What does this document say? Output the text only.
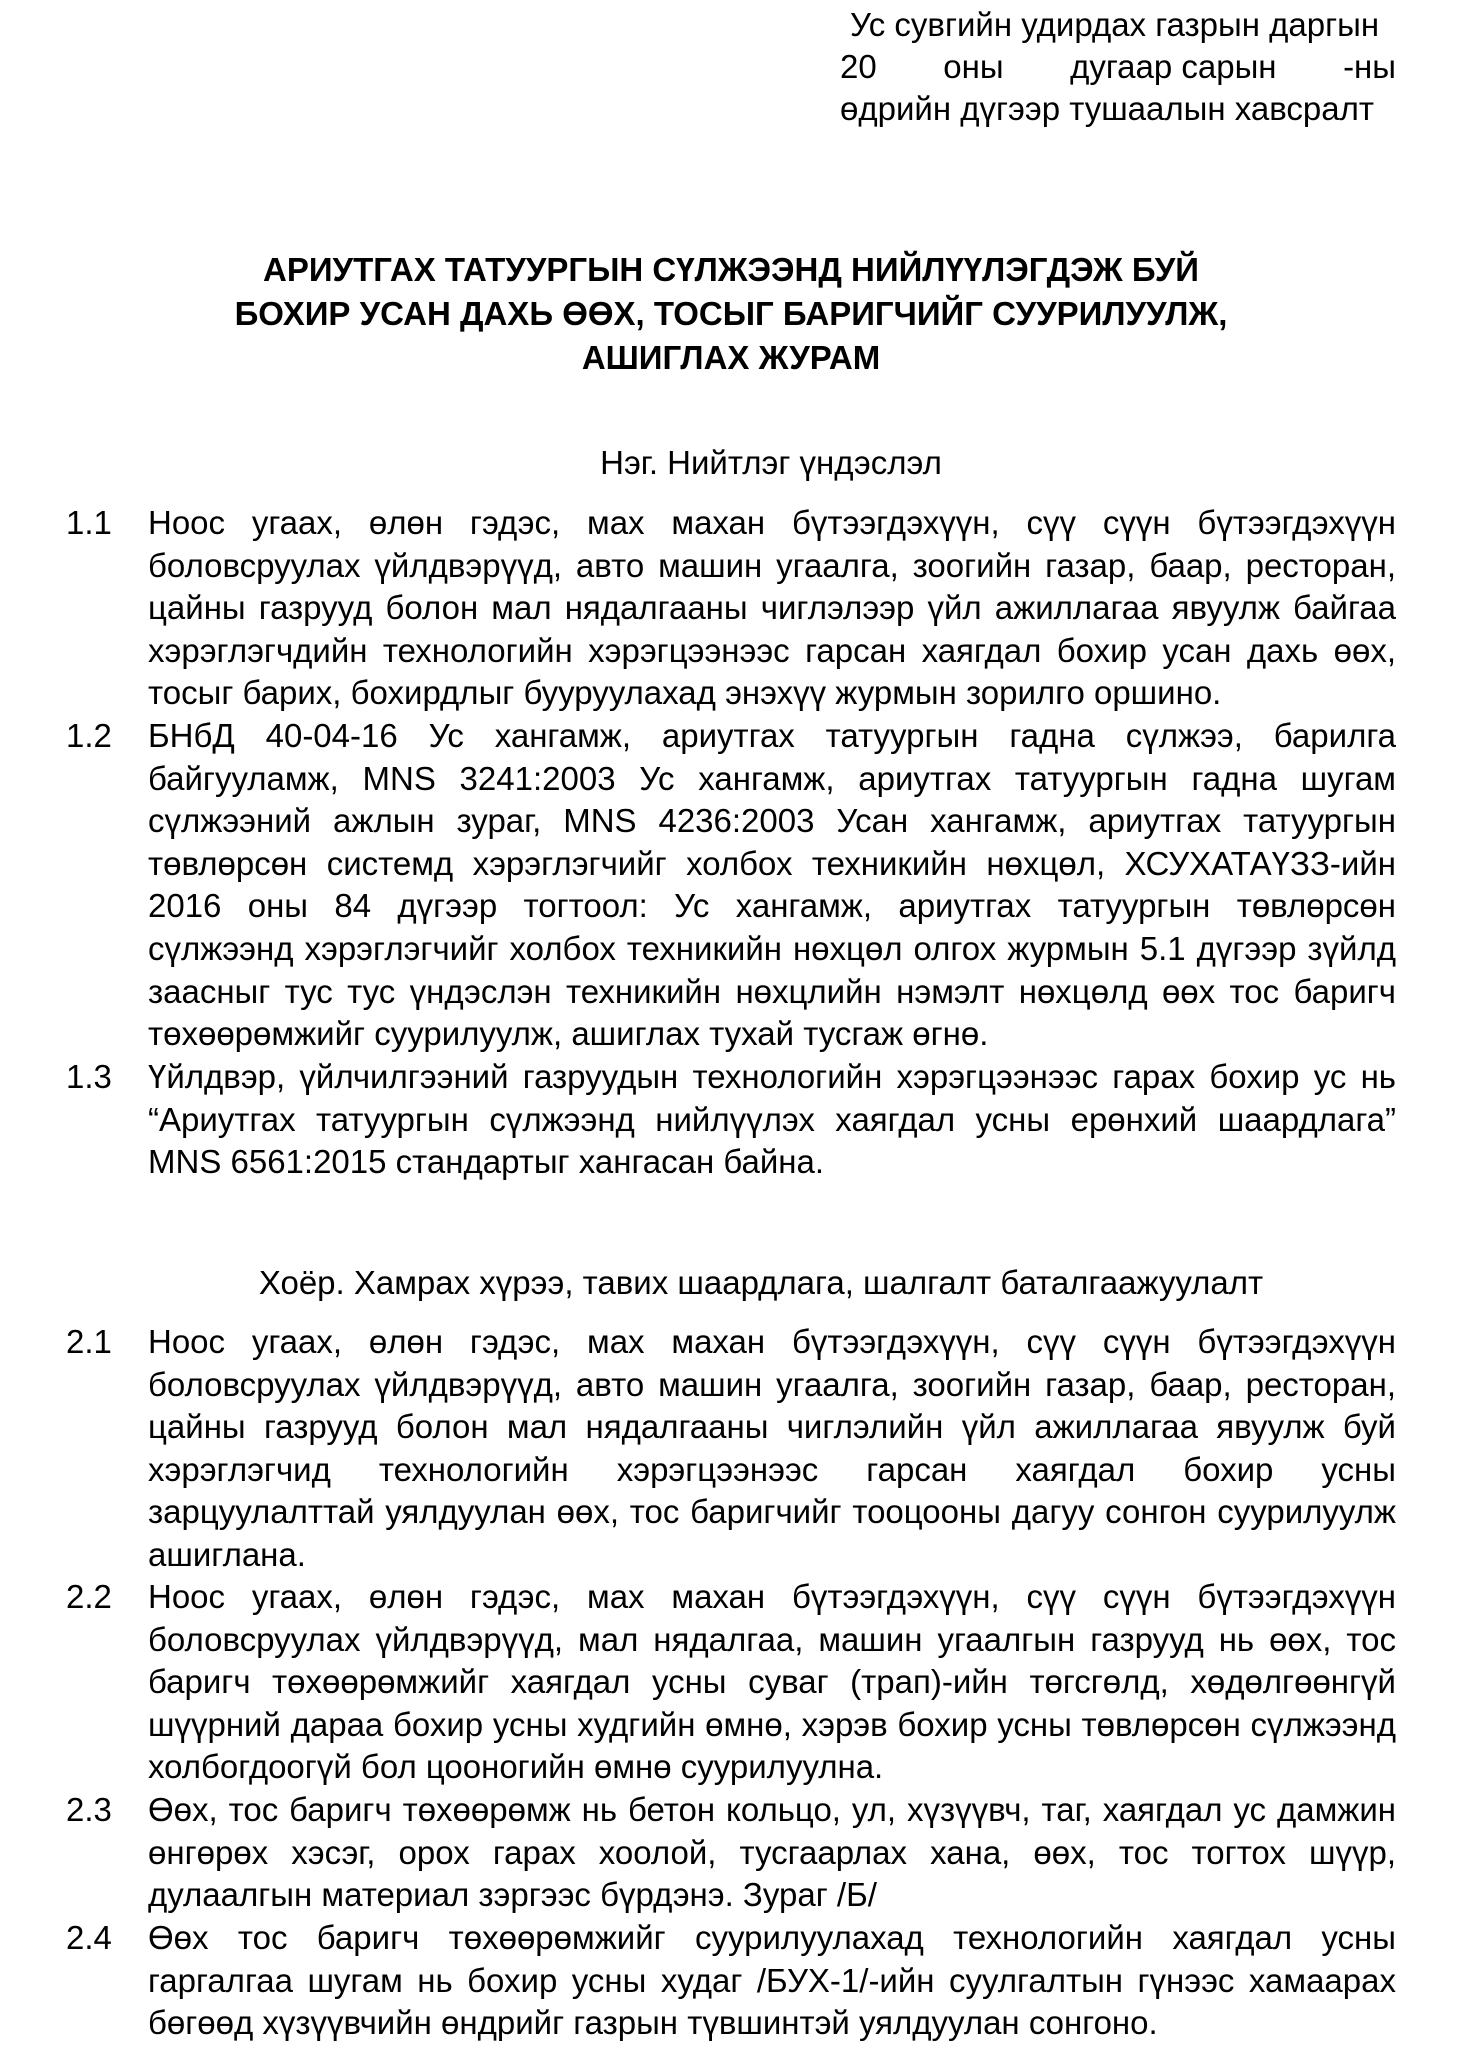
Ус сувгийн удирдах газрын даргын
20 оны дугаар сарын -ны
өдрийн дүгээр тушаалын хавсралт
АРИУТГАХ ТАТУУРГЫН СҮЛЖЭЭНД НИЙЛҮҮЛЭГДЭЖ БУЙ
БОХИР УСАН ДАХЬ ӨӨХ, ТОСЫГ БАРИГЧИЙГ СУУРИЛУУЛЖ,
АШИГЛАХ ЖУРАМ
Нэг. Нийтлэг үндэслэл
1.1	Ноос угаах, өлөн гэдэс, мах махан бүтээгдэхүүн, сүү сүүн бүтээгдэхүүн боловсруулах үйлдвэрүүд, авто машин угаалга, зоогийн газар, баар, ресторан, цайны газрууд болон мал нядалгааны чиглэлээр үйл ажиллагаа явуулж байгаа хэрэглэгчдийн технологийн хэрэгцээнээс гарсан хаягдал бохир усан дахь өөх, тосыг барих, бохирдлыг бууруулахад энэхүү журмын зорилго оршино.
1.2	БНбД 40-04-16 Ус хангамж, ариутгах татуургын гадна сүлжээ, барилга байгууламж, MNS 3241:2003 Ус хангамж, ариутгах татуургын гадна шугам сүлжээний ажлын зураг, MNS 4236:2003 Усан хангамж, ариутгах татуургын төвлөрсөн системд хэрэглэгчийг холбох техникийн нөхцөл, ХСУХАТАҮЗЗ-ийн 2016 оны 84 дүгээр тогтоол: Ус хангамж, ариутгах татуургын төвлөрсөн сүлжээнд хэрэглэгчийг холбох техникийн нөхцөл олгох журмын 5.1 дүгээр зүйлд заасныг тус тус үндэслэн техникийн нөхцлийн нэмэлт нөхцөлд өөх тос баригч төхөөрөмжийг суурилуулж, ашиглах тухай тусгаж өгнө.
1.3	Үйлдвэр, үйлчилгээний газруудын технологийн хэрэгцээнээс гарах бохир ус нь “Ариутгах татуургын сүлжээнд нийлүүлэх хаягдал усны ерөнхий шаардлага” MNS 6561:2015 стандартыг хангасан байна.
Хоёр. Хамрах хүрээ, тавих шаардлага, шалгалт баталгаажуулалт
2.1	Ноос угаах, өлөн гэдэс, мах махан бүтээгдэхүүн, сүү сүүн бүтээгдэхүүн боловсруулах үйлдвэрүүд, авто машин угаалга, зоогийн газар, баар, ресторан, цайны газрууд болон мал нядалгааны чиглэлийн үйл ажиллагаа явуулж буй хэрэглэгчид технологийн хэрэгцээнээс гарсан хаягдал бохир усны зарцуулалттай уялдуулан өөх, тос баригчийг тооцооны дагуу сонгон суурилуулж ашиглана.
2.2	Ноос угаах, өлөн гэдэс, мах махан бүтээгдэхүүн, сүү сүүн бүтээгдэхүүн боловсруулах үйлдвэрүүд, мал нядалгаа, машин угаалгын газрууд нь өөх, тос баригч төхөөрөмжийг хаягдал усны суваг (трап)-ийн төгсгөлд, хөдөлгөөнгүй шүүрний дараа бохир усны худгийн өмнө, хэрэв бохир усны төвлөрсөн сүлжээнд холбогдоогүй бол цооногийн өмнө суурилуулна.
2.3	Өөх, тос баригч төхөөрөмж нь бетон кольцо, ул, хүзүүвч, таг, хаягдал ус дамжин өнгөрөх хэсэг, орох гарах хоолой, тусгаарлах хана, өөх, тос тогтох шүүр, дулаалгын материал зэргээс бүрдэнэ. Зураг /Б/
2.4	Өөх тос баригч төхөөрөмжийг суурилуулахад технологийн хаягдал усны гаргалгаа шугам нь бохир усны худаг /БУХ-1/-ийн суулгалтын гүнээс хамаарах бөгөөд хүзүүвчийн өндрийг газрын түвшинтэй уялдуулан сонгоно.
